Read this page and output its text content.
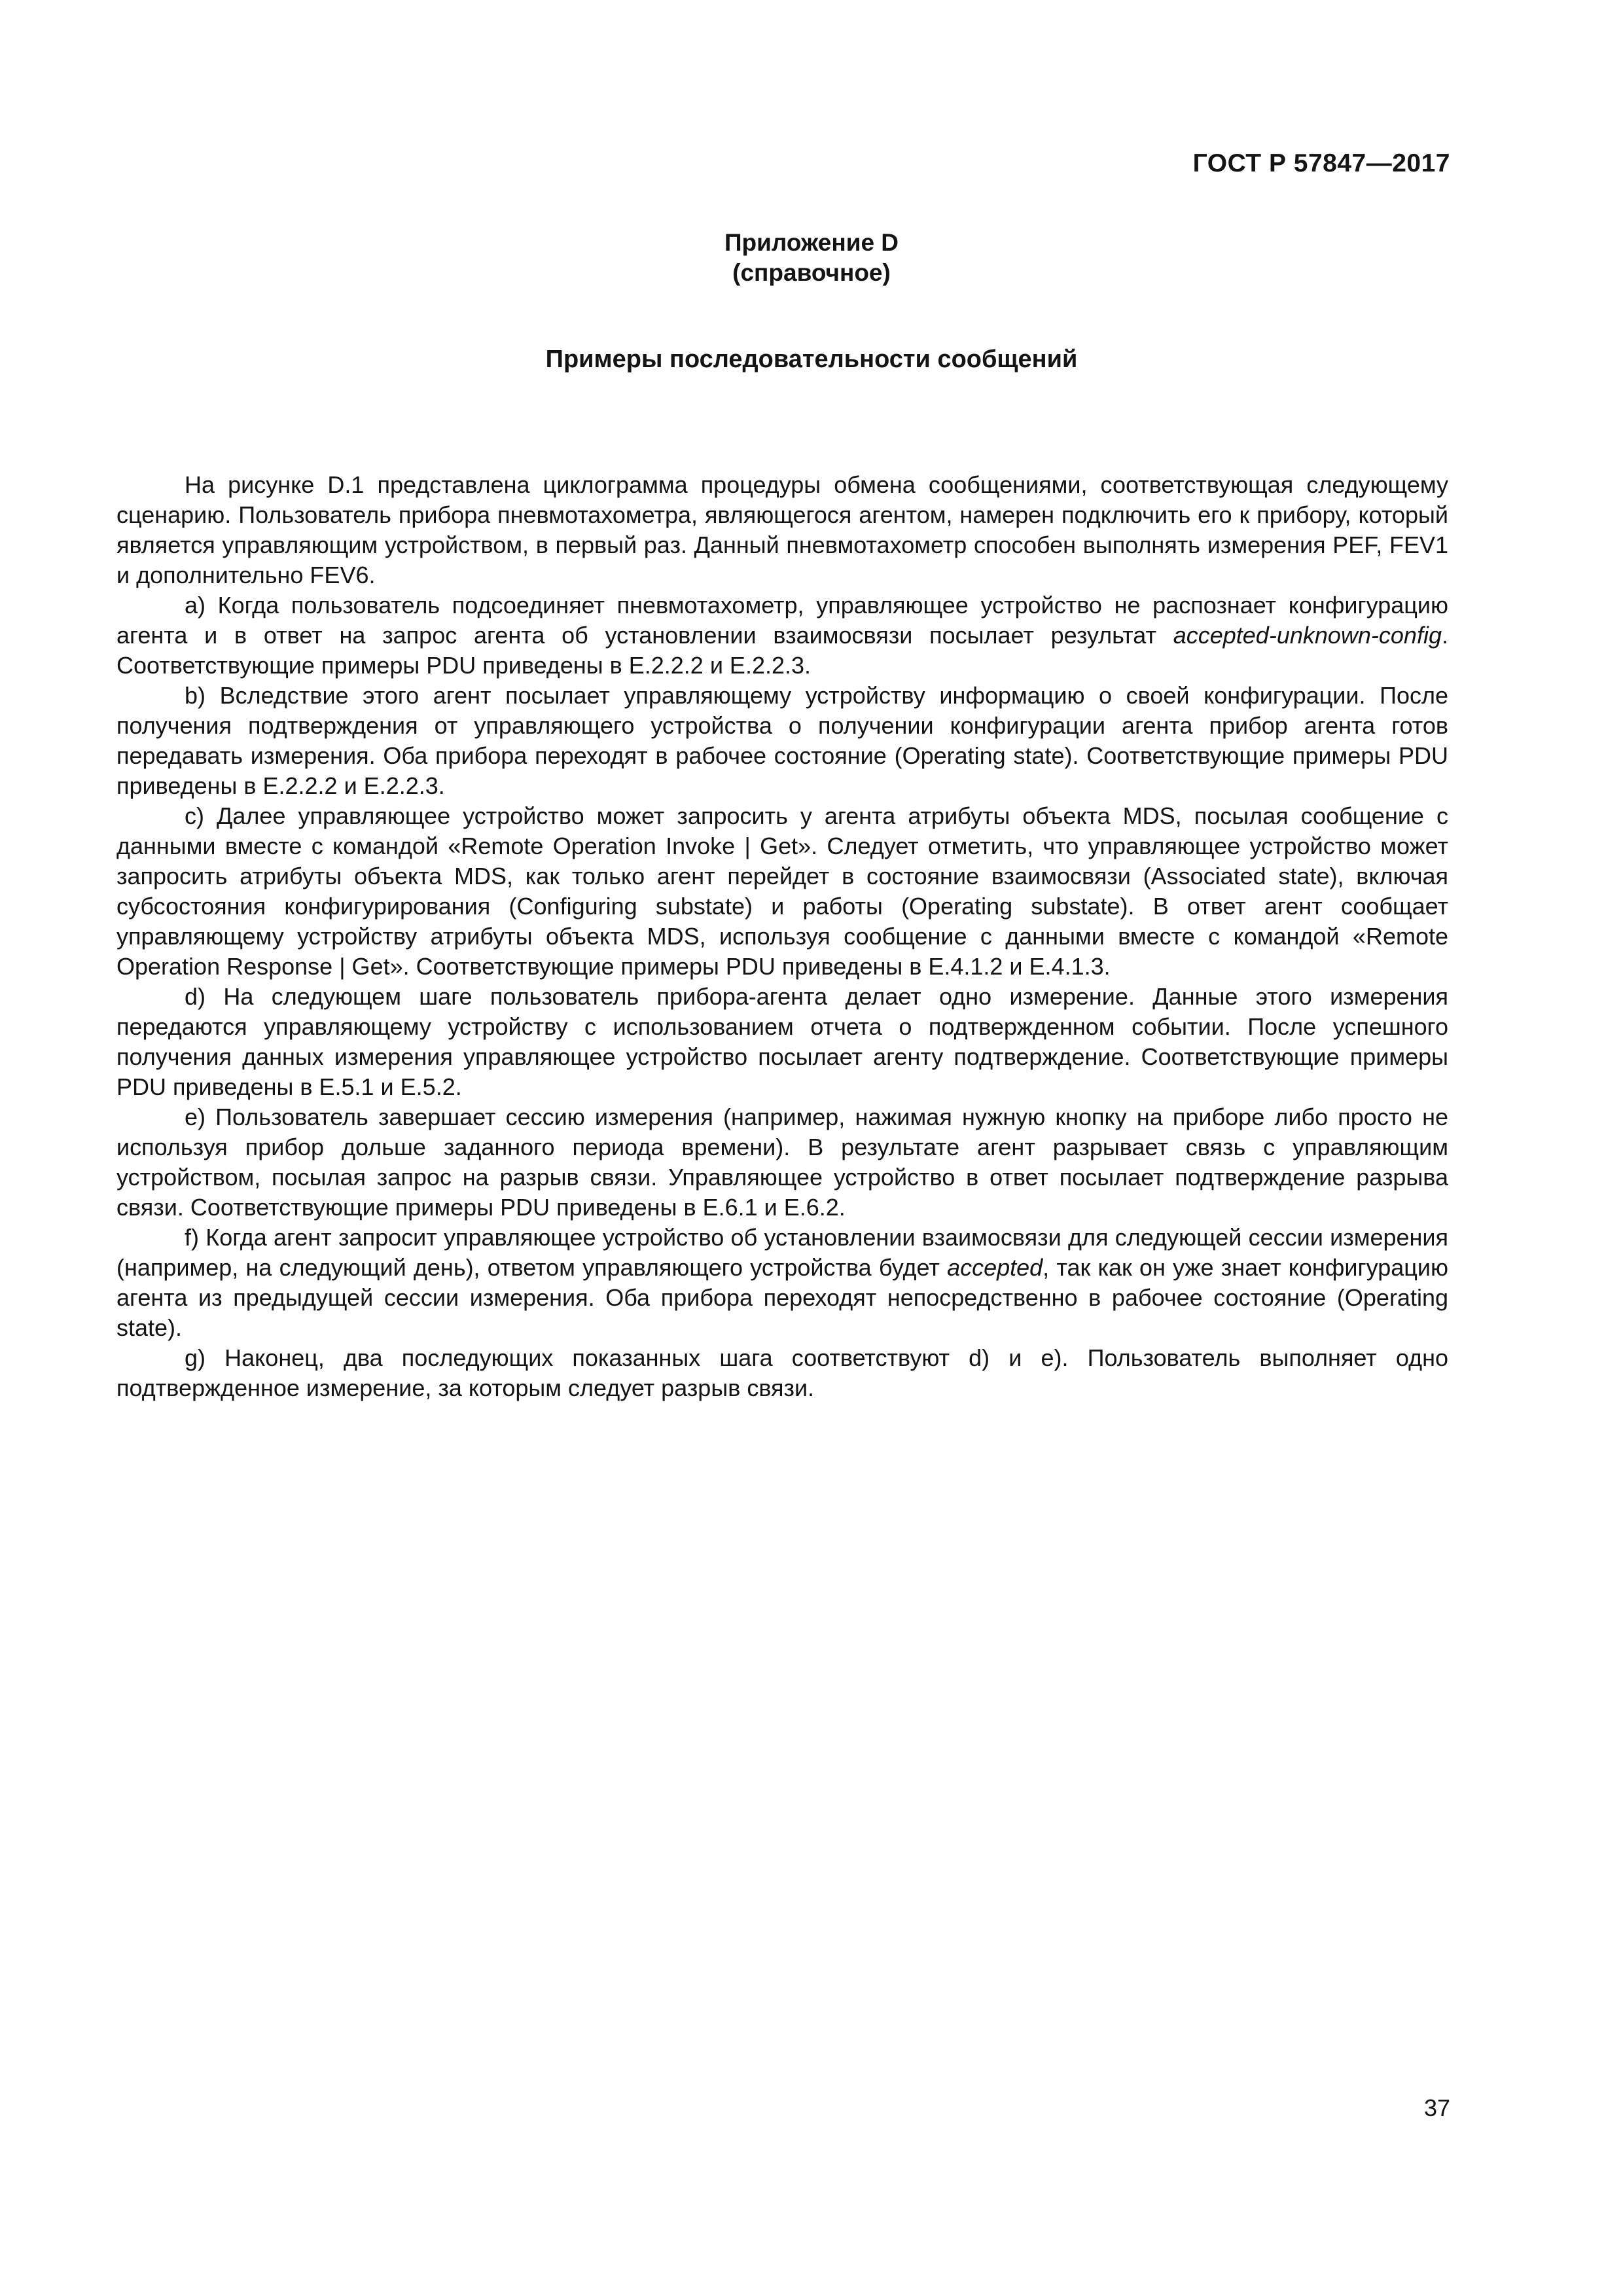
ГОСТ Р 57847—2017
Приложение D
(справочное)
Примеры последовательности сообщений

На рисунке D.1 представлена циклограмма процедуры обмена сообщениями, соответствующая следующему сценарию. Пользователь прибора пневмотахометра, являющегося агентом, намерен подключить его к прибору, который является управляющим устройством, в первый раз. Данный пневмотахометр способен выполнять измерения PEF, FEV1 и дополнительно FEV6.

а) Когда пользователь подсоединяет пневмотахометр, управляющее устройство не распознает конфигурацию агента и в ответ на запрос агента об установлении взаимосвязи посылает результат accepted-unknown-config. Соответствующие примеры PDU приведены в Е.2.2.2 и Е.2.2.3.

b) Вследствие этого агент посылает управляющему устройству информацию о своей конфигурации. После получения подтверждения от управляющего устройства о получении конфигурации агента прибор агента готов передавать измерения. Оба прибора переходят в рабочее состояние (Operating state). Соответствующие примеры PDU приведены в Е.2.2.2 и Е.2.2.3.

с) Далее управляющее устройство может запросить у агента атрибуты объекта MDS, посылая сообщение с данными вместе с командой «Remote Operation Invoke | Get». Следует отметить, что управляющее устройство может запросить атрибуты объекта MDS, как только агент перейдет в состояние взаимосвязи (Associated state), включая субсостояния конфигурирования (Configuring substate) и работы (Operating substate). В ответ агент сообщает управляющему устройству атрибуты объекта MDS, используя сообщение с данными вместе с командой «Remote Operation Response | Get». Соответствующие примеры PDU приведены в Е.4.1.2 и Е.4.1.3.

d) На следующем шаге пользователь прибора-агента делает одно измерение. Данные этого измерения передаются управляющему устройству с использованием отчета о подтвержденном событии. После успешного получения данных измерения управляющее устройство посылает агенту подтверждение. Соответствующие примеры PDU приведены в Е.5.1 и Е.5.2.

е) Пользователь завершает сессию измерения (например, нажимая нужную кнопку на приборе либо просто не используя прибор дольше заданного периода времени). В результате агент разрывает связь с управляющим устройством, посылая запрос на разрыв связи. Управляющее устройство в ответ посылает подтверждение разрыва связи. Соответствующие примеры PDU приведены в Е.6.1 и Е.6.2.

f) Когда агент запросит управляющее устройство об установлении взаимосвязи для следующей сессии измерения (например, на следующий день), ответом управляющего устройства будет accepted, так как он уже знает конфигурацию агента из предыдущей сессии измерения. Оба прибора переходят непосредственно в рабочее состояние (Operating state).

g) Наконец, два последующих показанных шага соответствуют d) и е). Пользователь выполняет одно подтвержденное измерение, за которым следует разрыв связи.

37
